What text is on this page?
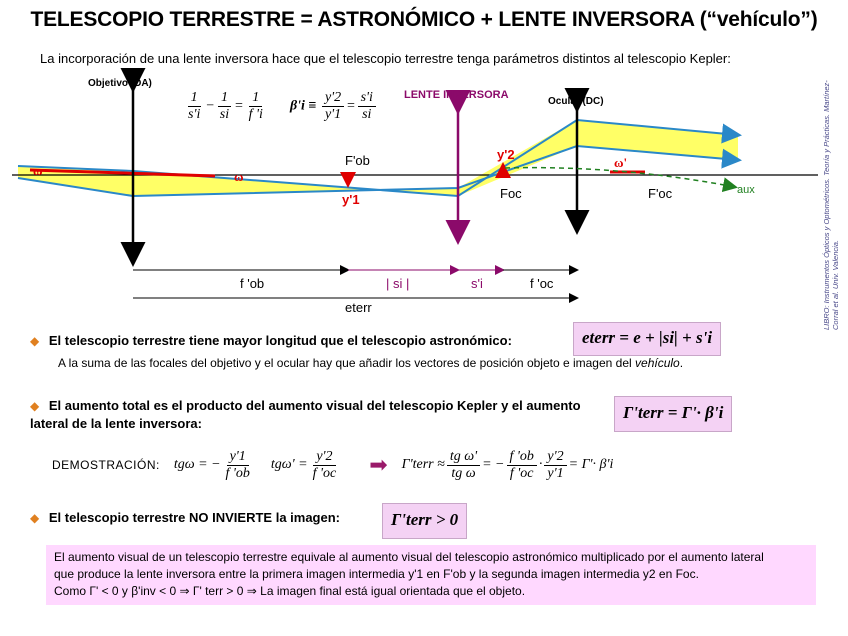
TELESCOPIO TERRESTRE = ASTRONÓMICO + LENTE INVERSORA (“vehículo”)
La incorporación de una lente inversora hace que el telescopio terrestre tenga parámetros distintos al telescopio Kepler:
ω	ω
Objetivo (DA)
F'ob
y'1
LENTE INVERSORA
y'2
Foc
Ocular (DC)
ω'
aux
F'oc
f 'ob	| si |	s'i	f 'oc
eterr
$\frac{1}{s'i} - \frac{1}{si} = \frac{1}{f 'i} \beta'i \equiv \frac{y'2}{y'1} = \frac{s'i}{si}$	LIBRO: Instrumentos Ópticos y Optométricos. Teoría y Prácticas. Martínez-Corral et al. Univ. Valencia.
◆ El telescopio terrestre tiene mayor longitud que el telescopio astronómico:	eterr = e + |si| + s'i
A la suma de las focales del objetivo y el ocular hay que añadir los vectores de posición objeto e imagen del vehículo.
◆ El aumento total es el producto del aumento visual del telescopio Kepler y el aumento lateral de la lente inversora:
Γ'terr = Γ'· β'i
DEMOSTRACIÓN: tgω = − $\frac{y'1}{f 'ob} tg\omega' = \frac{y'2}{f 'oc}$ ➡ Γ'terr ≈ $\frac{\text{tg ω'}}{\text{tg ω}}$ = − $\frac{f 'ob}{f 'oc} \cdot \frac{y'2}{y'1} = \Gamma'\cdot \beta'i$
◆ El telescopio terrestre NO INVIERTE la imagen:	Γ'terr > 0
El aumento visual de un telescopio terrestre equivale al aumento visual del telescopio astronómico multiplicado por el aumento lateral
que produce la lente inversora entre la primera imagen intermedia y'1 en F'ob y la segunda imagen intermedia y2 en Foc.
Como Γ' < 0 y β'inv < 0 ⇒ Γ' terr > 0 ⇒ La imagen final está igual orientada que el objeto.
